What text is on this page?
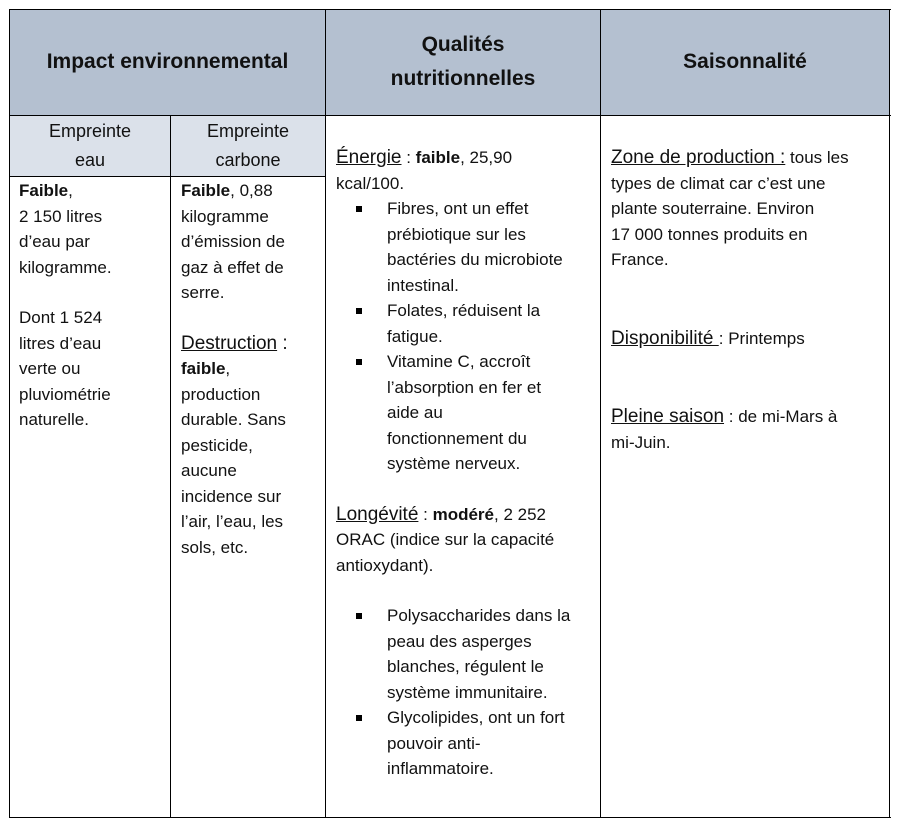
Impact environnemental
Qualités
nutritionnelles
Saisonnalité
Empreinte
eau
Empreinte
carbone

Faible,

2 150 litres

d’eau par

kilogramme.

Dont 1 524

litres d’eau

verte ou

pluviométrie

naturelle.

Faible, 0,88

kilogramme

d’émission de

gaz à effet de

serre.

Destruction :

faible,

production

durable. Sans

pesticide,

aucune

incidence sur

l’air, l’eau, les

sols, etc.

Énergie : faible, 25,90

kcal/100.

Fibres, ont un effet
prébiotique sur les
bactéries du microbiote
intestinal.
Folates, réduisent la
fatigue.
Vitamine C, accroît
l’absorption en fer et
aide au
fonctionnement du
système nerveux.

Longévité : modéré, 2 252

ORAC (indice sur la capacité

antioxydant).

Polysaccharides dans la
peau des asperges
blanches, régulent le
système immunitaire.
Glycolipides, ont un fort
pouvoir anti-
inflammatoire.

Zone de production : tous les

types de climat car c’est une

plante souterraine. Environ

17 000 tonnes produits en

France.

Disponibilité : Printemps

Pleine saison : de mi-Mars à

mi-Juin.
